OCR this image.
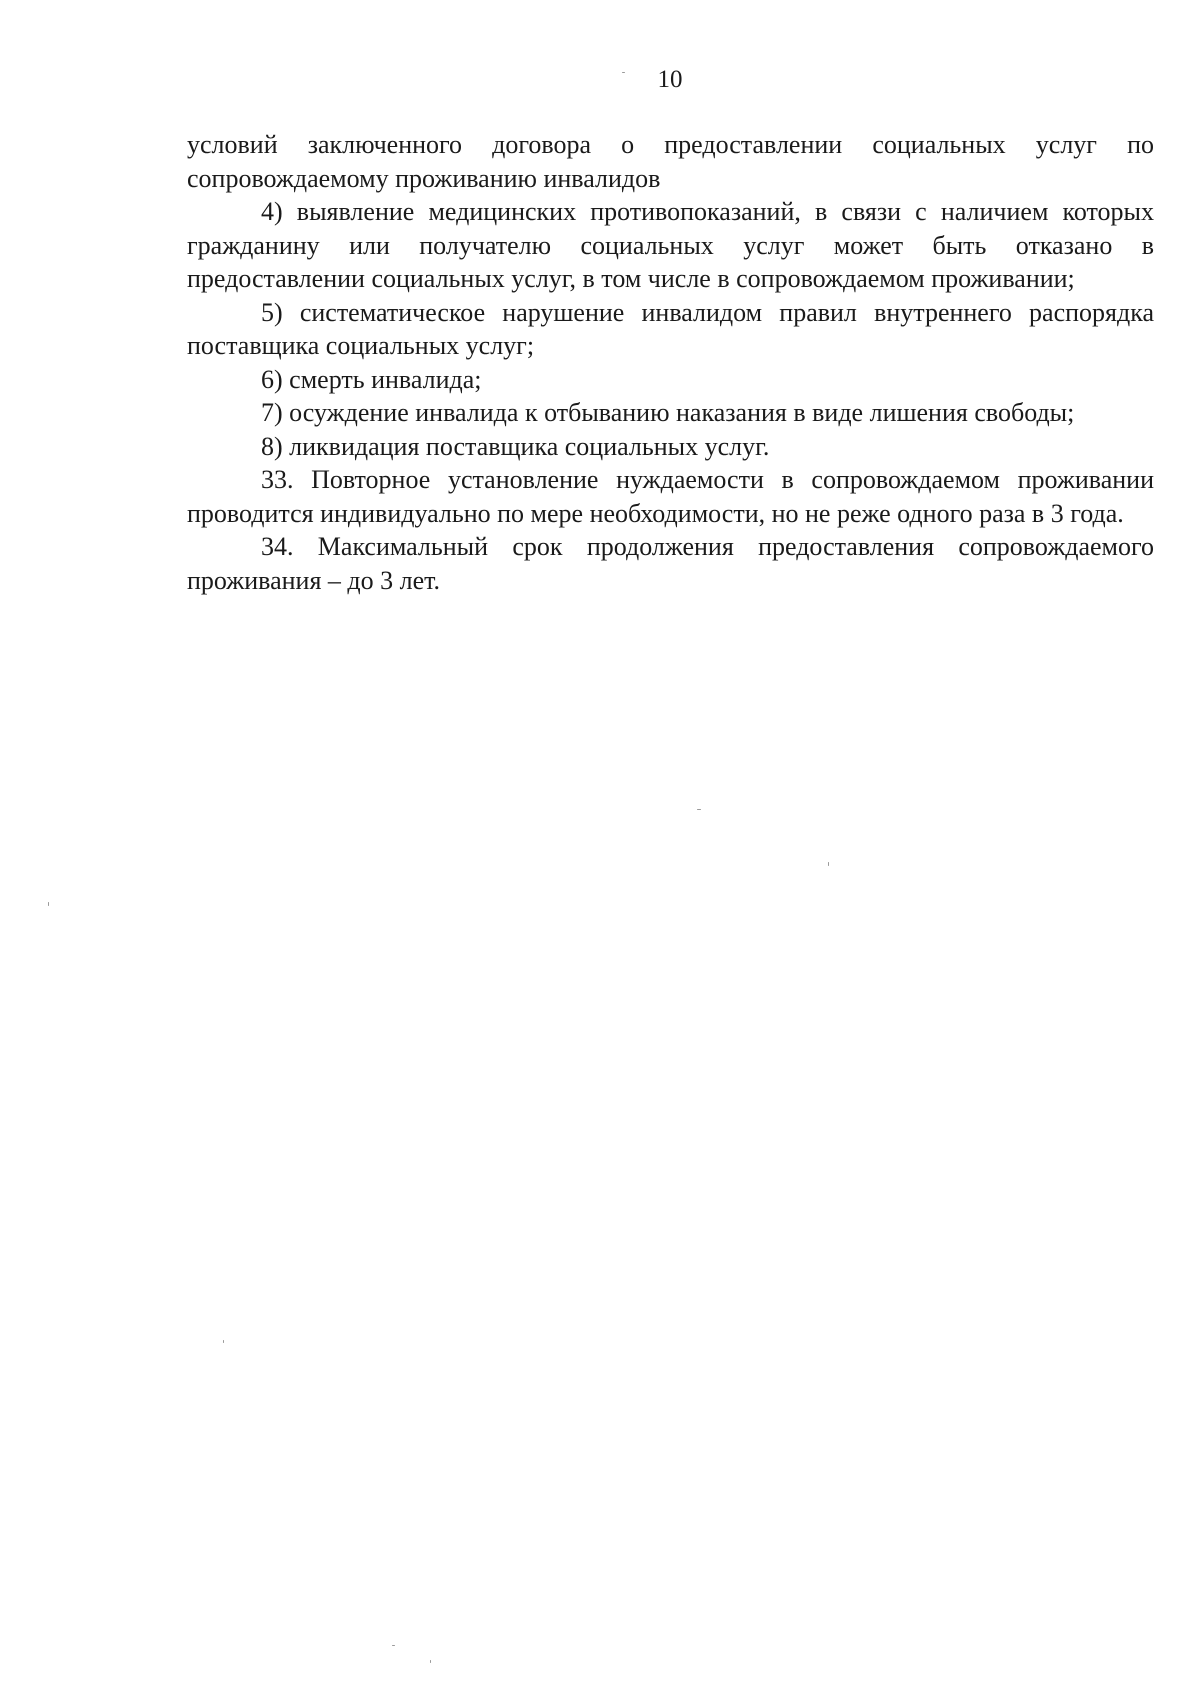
10

условий заключенного договора о предоставлении социальных услуг по сопровождаемому проживанию инвалидов

4) выявление медицинских противопоказаний, в связи с наличием которых гражданину или получателю социальных услуг может быть отказано в предоставлении социальных услуг, в том числе в сопровождаемом проживании;

5) систематическое нарушение инвалидом правил внутреннего распорядка поставщика социальных услуг;

6) смерть инвалида;

7) осуждение инвалида к отбыванию наказания в виде лишения свободы;

8) ликвидация поставщика социальных услуг.

33. Повторное установление нуждаемости в сопровождаемом проживании проводится индивидуально по мере необходимости, но не реже одного раза в 3 года.

34. Максимальный срок продолжения предоставления сопровождаемого проживания – до 3 лет.
